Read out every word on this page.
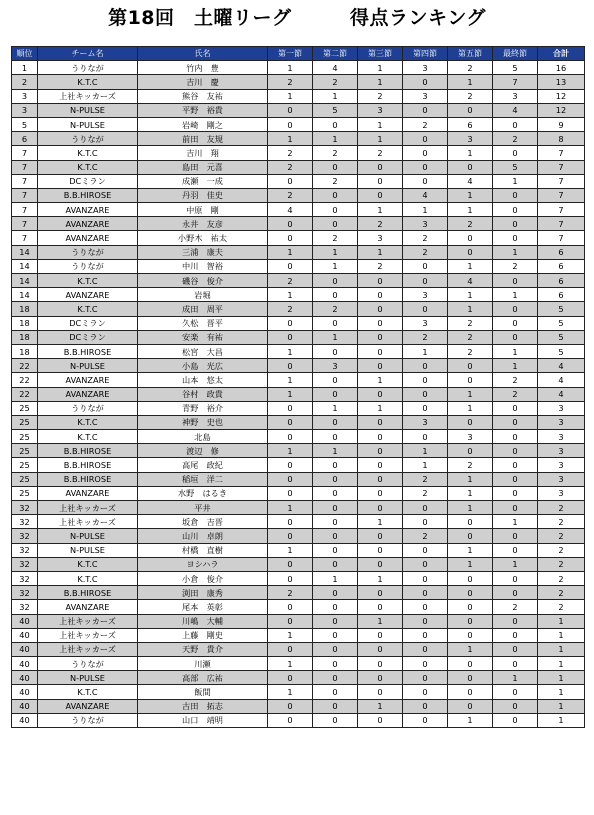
第18回　土曜リーグ　　　得点ランキング
順位	チーム名	氏名	第一節	第二節	第三節	第四節	第五節	最終節	合計
1	うりなが	竹内　豊	1	4	1	3	2	5	16
2	K.T.C	吉川　慶	2	2	1	0	1	7	13
3	上社キッカーズ	熊谷　友祐	1	1	2	3	2	3	12
3	N-PULSE	平野　裕貴	0	5	3	0	0	4	12
5	N-PULSE	岩崎　剛之	0	0	1	2	6	0	9
6	うりなが	前田　友規	1	1	1	0	3	2	8
7	K.T.C	吉川　翔	2	2	2	0	1	0	7
7	K.T.C	島田　元喜	2	0	0	0	0	5	7
7	DCミラン	成瀬　一成	0	2	0	0	4	1	7
7	B.B.HIROSE	丹羽　佳史	2	0	0	4	1	0	7
7	AVANZARE	中原　剛	4	0	1	1	1	0	7
7	AVANZARE	永井　友彦	0	0	2	3	2	0	7
7	AVANZARE	小野木　祐太	0	2	3	2	0	0	7
14	うりなが	三浦　康夫	1	1	1	2	0	1	6
14	うりなが	中川　智裕	0	1	2	0	1	2	6
14	K.T.C	磯谷　俊介	2	0	0	0	4	0	6
14	AVANZARE	岩堀	1	0	0	3	1	1	6
18	K.T.C	成田　周平	2	2	0	0	1	0	5
18	DCミラン	久松　晋平	0	0	0	3	2	0	5
18	DCミラン	安楽　有祐	0	1	0	2	2	0	5
18	B.B.HIROSE	松宮　大昌	1	0	0	1	2	1	5
22	N-PULSE	小島　光広	0	3	0	0	0	1	4
22	AVANZARE	山本　悠太	1	0	1	0	0	2	4
22	AVANZARE	谷村　政貴	1	0	0	0	1	2	4
25	うりなが	青野　裕介	0	1	1	0	1	0	3
25	K.T.C	神野　史也	0	0	0	3	0	0	3
25	K.T.C	北島	0	0	0	0	3	0	3
25	B.B.HIROSE	渡辺　修	1	1	0	1	0	0	3
25	B.B.HIROSE	高尾　政紀	0	0	0	1	2	0	3
25	B.B.HIROSE	稲垣　洋二	0	0	0	2	1	0	3
25	AVANZARE	水野　はるき	0	0	0	2	1	0	3
32	上社キッカーズ	平井	1	0	0	0	1	0	2
32	上社キッカーズ	坂倉　吉晋	0	0	1	0	0	1	2
32	N-PULSE	山川　卓朗	0	0	0	2	0	0	2
32	N-PULSE	村橋　直樹	1	0	0	0	1	0	2
32	K.T.C	ヨシハラ	0	0	0	0	1	1	2
32	K.T.C	小倉　俊介	0	1	1	0	0	0	2
32	B.B.HIROSE	渕田　康秀	2	0	0	0	0	0	2
32	AVANZARE	尾本　英彰	0	0	0	0	0	2	2
40	上社キッカーズ	川嶋　大輔	0	0	1	0	0	0	1
40	上社キッカーズ	上藤　剛史	1	0	0	0	0	0	1
40	上社キッカーズ	天野　貴介	0	0	0	0	1	0	1
40	うりなが	川瀬	1	0	0	0	0	0	1
40	N-PULSE	高部　広祐	0	0	0	0	0	1	1
40	K.T.C	飯間	1	0	0	0	0	0	1
40	AVANZARE	古田　拓志	0	0	1	0	0	0	1
40	うりなが	山口　靖明	0	0	0	0	1	0	1
